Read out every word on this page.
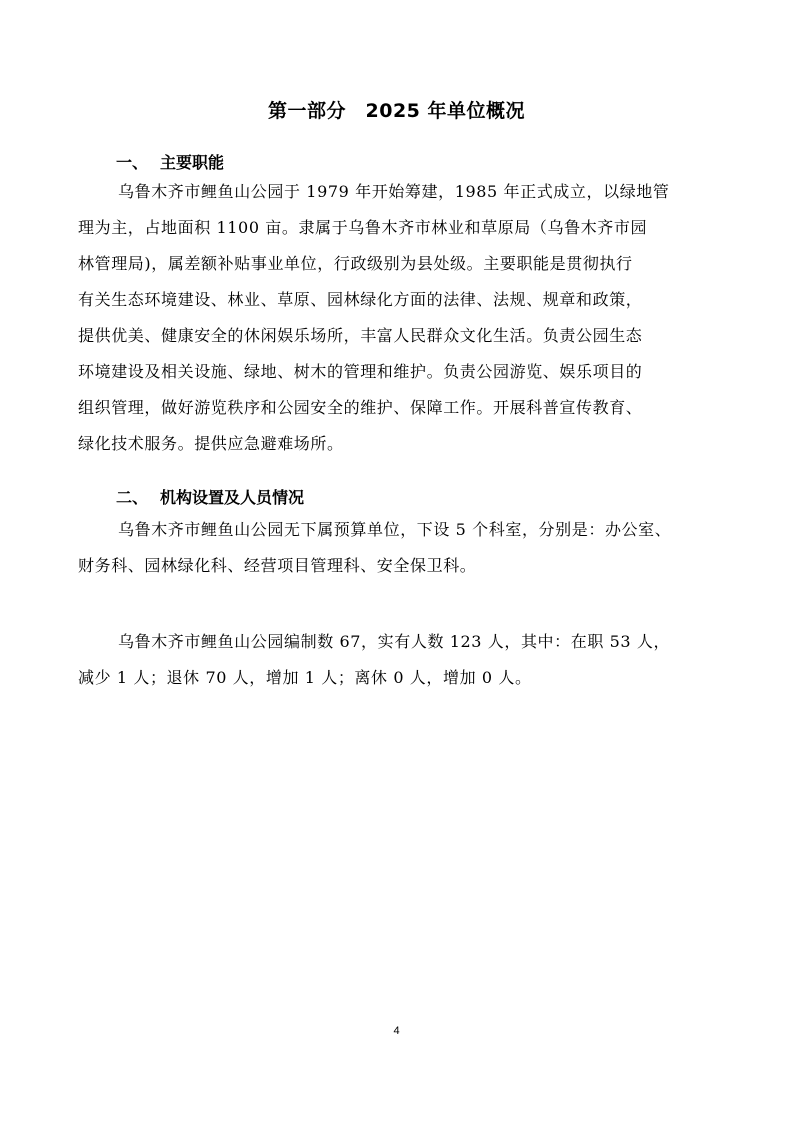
第一部分　2025 年单位概况
一、 主要职能

乌鲁木齐市鲤鱼山公园于 1979 年开始筹建，1985 年正式成立，以绿地管

理为主，占地面积 1100 亩。隶属于乌鲁木齐市林业和草原局（乌鲁木齐市园

林管理局)，属差额补贴事业单位，行政级别为县处级。主要职能是贯彻执行

有关生态环境建设、林业、草原、园林绿化方面的法律、法规、规章和政策，

提供优美、健康安全的休闲娱乐场所，丰富人民群众文化生活。负责公园生态

环境建设及相关设施、绿地、树木的管理和维护。负责公园游览、娱乐项目的

组织管理，做好游览秩序和公园安全的维护、保障工作。开展科普宣传教育、

绿化技术服务。提供应急避难场所。

二、 机构设置及人员情况

乌鲁木齐市鲤鱼山公园无下属预算单位，下设 5 个科室，分别是：办公室、

财务科、园林绿化科、经营项目管理科、安全保卫科。

乌鲁木齐市鲤鱼山公园编制数 67，实有人数 123 人，其中：在职 53 人，

减少 1 人；退休 70 人，增加 1 人；离休 0 人，增加 0 人。

4
